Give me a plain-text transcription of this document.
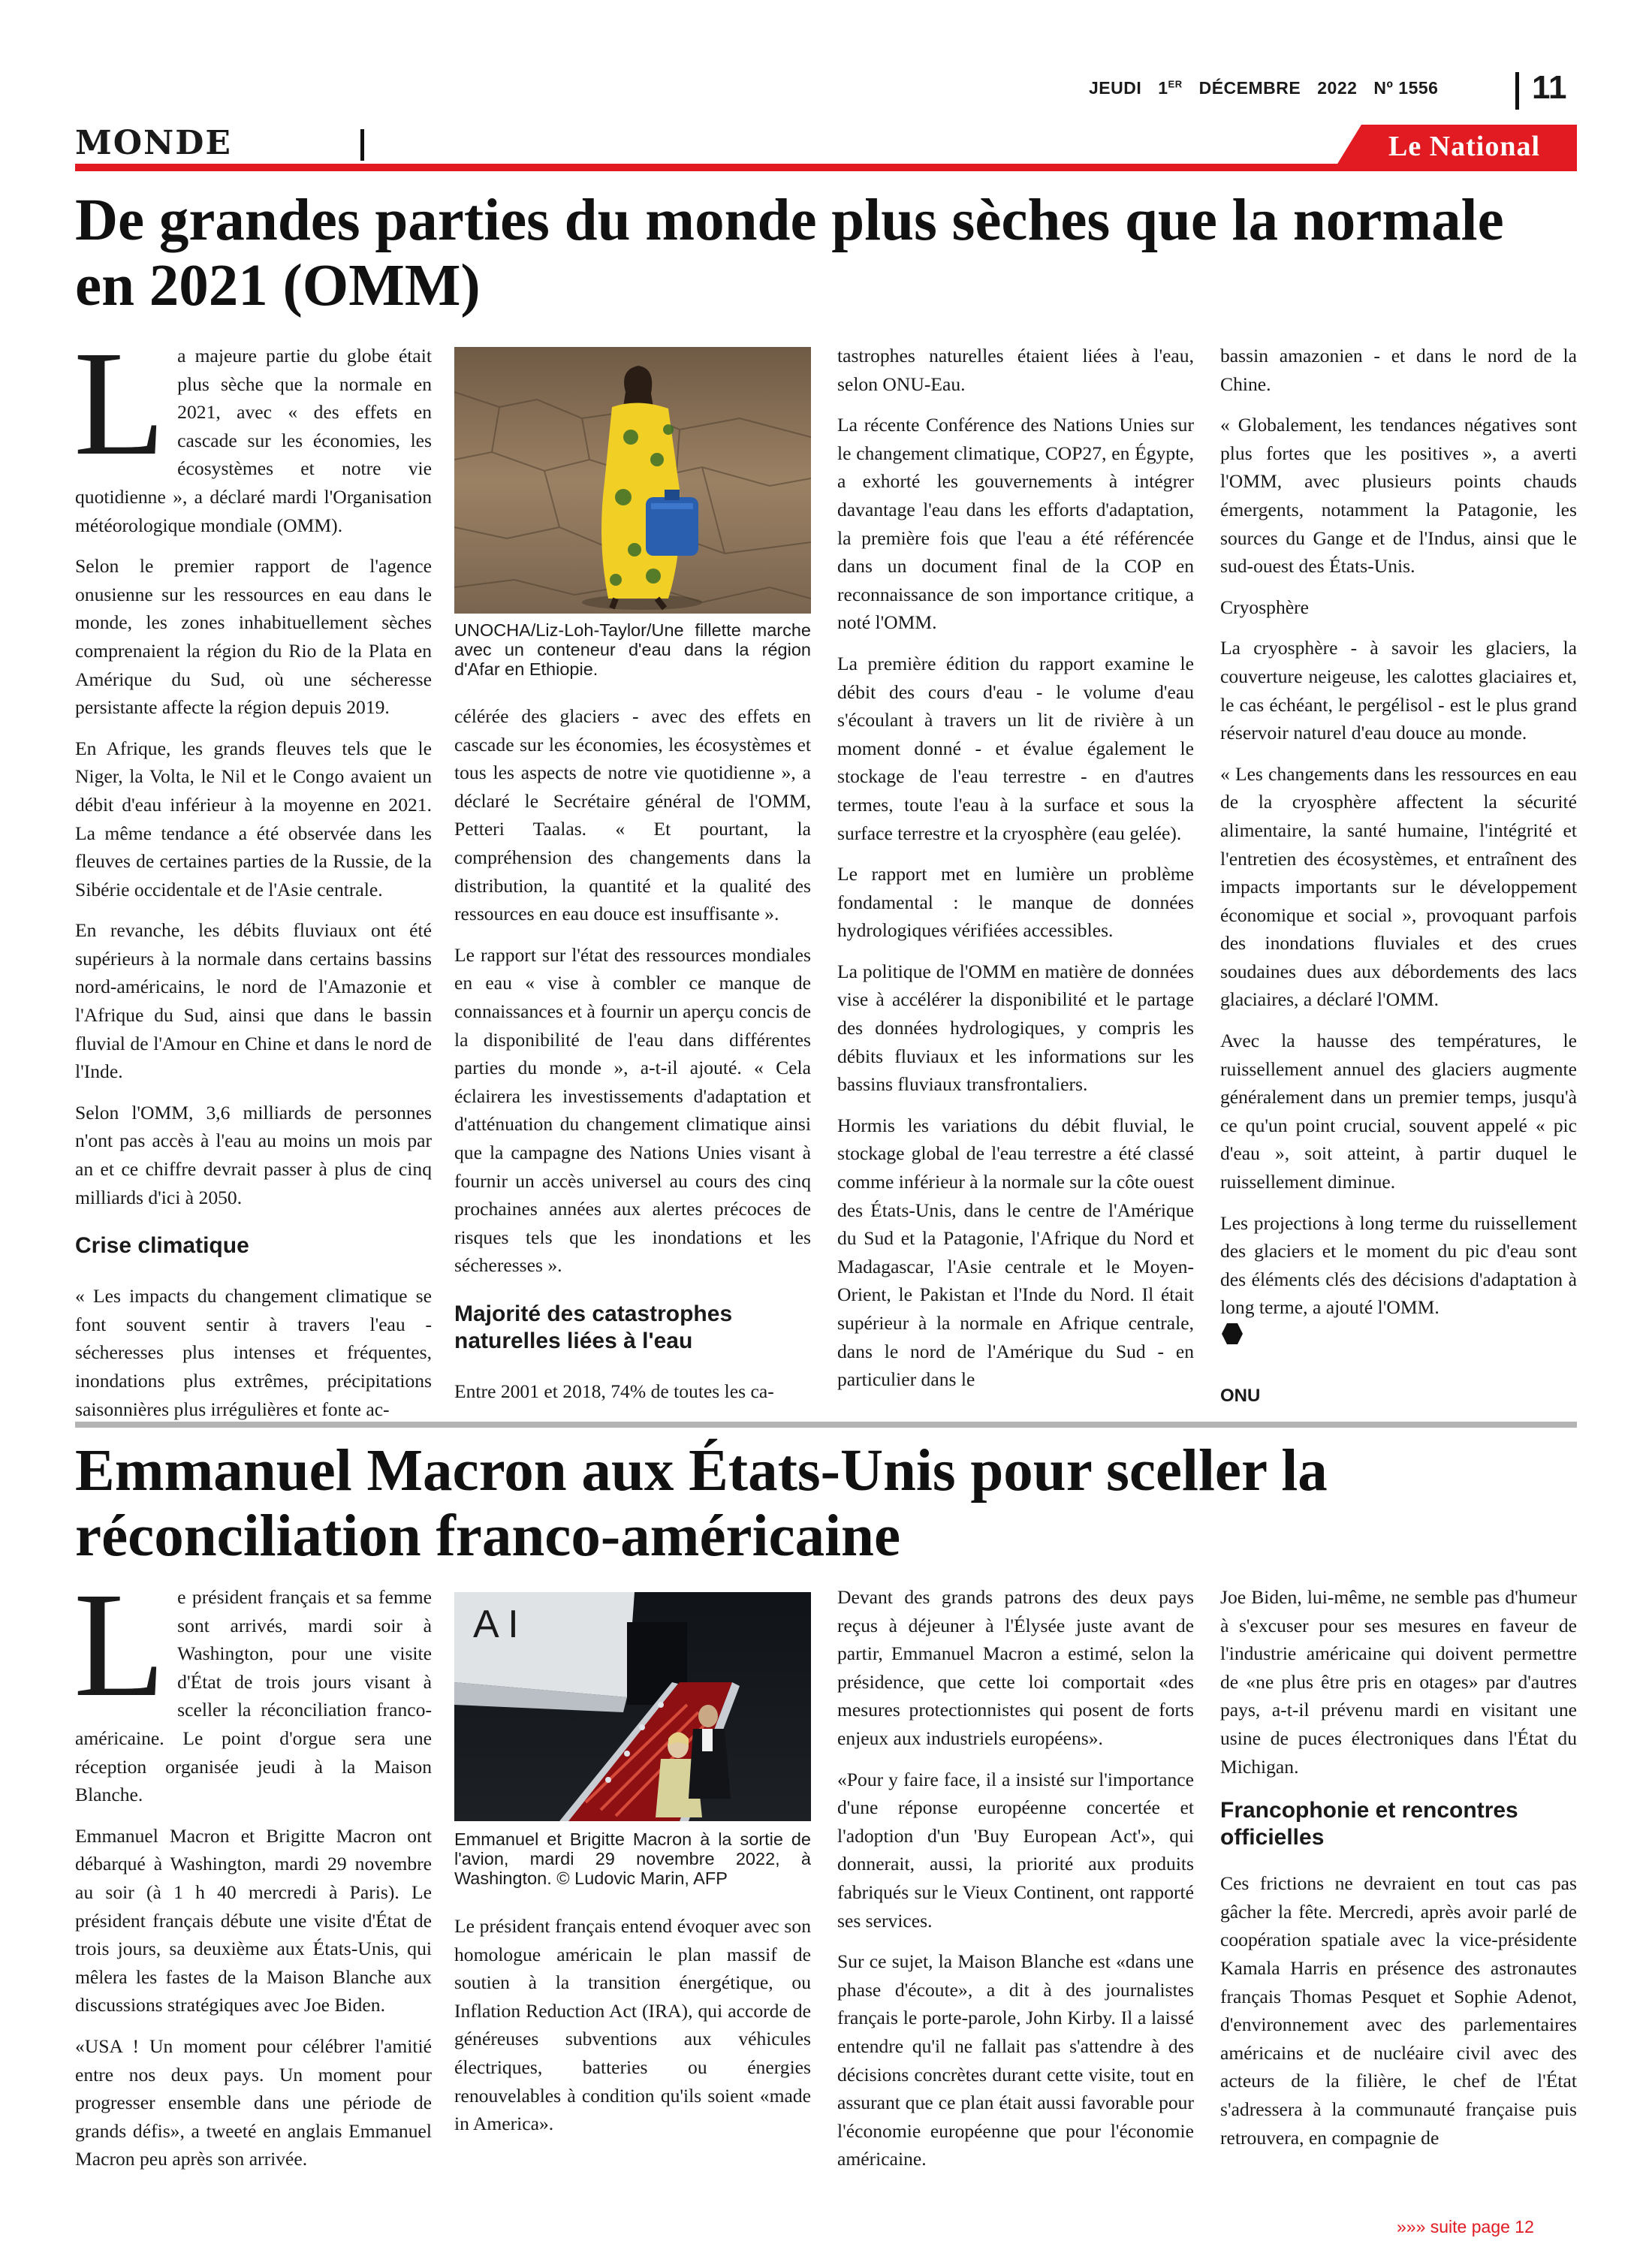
JEUDI 1ER DÉCEMBRE 2022 Nº 1556	11
MONDE	Le National
De grandes parties du monde plus sèches que la normale en 2021 (OMM)

La majeure partie du globe était plus sèche que la normale en 2021, avec « des effets en cascade sur les économies, les écosystèmes et notre vie quotidienne », a déclaré mardi l'Organisation météorologique mondiale (OMM).

Selon le premier rapport de l'agence onusienne sur les ressources en eau dans le monde, les zones inhabituellement sèches comprenaient la région du Rio de la Plata en Amérique du Sud, où une sécheresse persistante affecte la région depuis 2019.

En Afrique, les grands fleuves tels que le Niger, la Volta, le Nil et le Congo avaient un débit d'eau inférieur à la moyenne en 2021. La même tendance a été observée dans les fleuves de certaines parties de la Russie, de la Sibérie occidentale et de l'Asie centrale.

En revanche, les débits fluviaux ont été supérieurs à la normale dans certains bassins nord-américains, le nord de l'Amazonie et l'Afrique du Sud, ainsi que dans le bassin fluvial de l'Amour en Chine et dans le nord de l'Inde.

Selon l'OMM, 3,6 milliards de personnes n'ont pas accès à l'eau au moins un mois par an et ce chiffre devrait passer à plus de cinq milliards d'ici à 2050.

Crise climatique

« Les impacts du changement climatique se font souvent sentir à travers l'eau - sécheresses plus intenses et fréquentes, inondations plus extrêmes, précipitations saisonnières plus irrégulières et fonte ac-

UNOCHA/Liz-Loh-Taylor/Une fillette marche avec un conteneur d'eau dans la région d'Afar en Ethiopie.

célérée des glaciers - avec des effets en cascade sur les économies, les écosystèmes et tous les aspects de notre vie quotidienne », a déclaré le Secrétaire général de l'OMM, Petteri Taalas. « Et pourtant, la compréhension des changements dans la distribution, la quantité et la qualité des ressources en eau douce est insuffisante ».

Le rapport sur l'état des ressources mondiales en eau « vise à combler ce manque de connaissances et à fournir un aperçu concis de la disponibilité de l'eau dans différentes parties du monde », a-t-il ajouté. « Cela éclairera les investissements d'adaptation et d'atténuation du changement climatique ainsi que la campagne des Nations Unies visant à fournir un accès universel au cours des cinq prochaines années aux alertes précoces de risques tels que les inondations et les sécheresses ».

Majorité des catastrophes naturelles liées à l'eau

Entre 2001 et 2018, 74% de toutes les ca-

tastrophes naturelles étaient liées à l'eau, selon ONU-Eau.

La récente Conférence des Nations Unies sur le changement climatique, COP27, en Égypte, a exhorté les gouvernements à intégrer davantage l'eau dans les efforts d'adaptation, la première fois que l'eau a été référencée dans un document final de la COP en reconnaissance de son importance critique, a noté l'OMM.

La première édition du rapport examine le débit des cours d'eau - le volume d'eau s'écoulant à travers un lit de rivière à un moment donné - et évalue également le stockage de l'eau terrestre - en d'autres termes, toute l'eau à la surface et sous la surface terrestre et la cryosphère (eau gelée).

Le rapport met en lumière un problème fondamental : le manque de données hydrologiques vérifiées accessibles.

La politique de l'OMM en matière de données vise à accélérer la disponibilité et le partage des données hydrologiques, y compris les débits fluviaux et les informations sur les bassins fluviaux transfrontaliers.

Hormis les variations du débit fluvial, le stockage global de l'eau terrestre a été classé comme inférieur à la normale sur la côte ouest des États-Unis, dans le centre de l'Amérique du Sud et la Patagonie, l'Afrique du Nord et Madagascar, l'Asie centrale et le Moyen-Orient, le Pakistan et l'Inde du Nord. Il était supérieur à la normale en Afrique centrale, dans le nord de l'Amérique du Sud - en particulier dans le

bassin amazonien - et dans le nord de la Chine.

« Globalement, les tendances négatives sont plus fortes que les positives », a averti l'OMM, avec plusieurs points chauds émergents, notamment la Patagonie, les sources du Gange et de l'Indus, ainsi que le sud-ouest des États-Unis.

Cryosphère

La cryosphère - à savoir les glaciers, la couverture neigeuse, les calottes glaciaires et, le cas échéant, le pergélisol - est le plus grand réservoir naturel d'eau douce au monde.

« Les changements dans les ressources en eau de la cryosphère affectent la sécurité alimentaire, la santé humaine, l'intégrité et l'entretien des écosystèmes, et entraînent des impacts importants sur le développement économique et social », provoquant parfois des inondations fluviales et des crues soudaines dues aux débordements des lacs glaciaires, a déclaré l'OMM.

Avec la hausse des températures, le ruissellement annuel des glaciers augmente généralement dans un premier temps, jusqu'à ce qu'un point crucial, souvent appelé « pic d'eau », soit atteint, à partir duquel le ruissellement diminue.

Les projections à long terme du ruissellement des glaciers et le moment du pic d'eau sont des éléments clés des décisions d'adaptation à long terme, a ajouté l'OMM.

ONU
Emmanuel Macron aux États-Unis pour sceller la réconciliation franco-américaine

Le président français et sa femme sont arrivés, mardi soir à Washington, pour une visite d'État de trois jours visant à sceller la réconciliation franco-américaine. Le point d'orgue sera une réception organisée jeudi à la Maison Blanche.

Emmanuel Macron et Brigitte Macron ont débarqué à Washington, mardi 29 novembre au soir (à 1 h 40 mercredi à Paris). Le président français débute une visite d'État de trois jours, sa deuxième aux États-Unis, qui mêlera les fastes de la Maison Blanche aux discussions stratégiques avec Joe Biden.

«USA ! Un moment pour célébrer l'amitié entre nos deux pays. Un moment pour progresser ensemble dans une période de grands défis», a tweeté en anglais Emmanuel Macron peu après son arrivée.

A I
Emmanuel et Brigitte Macron à la sortie de l'avion, mardi 29 novembre 2022, à Washington. © Ludovic Marin, AFP

Le président français entend évoquer avec son homologue américain le plan massif de soutien à la transition énergétique, ou Inflation Reduction Act (IRA), qui accorde de généreuses subventions aux véhicules électriques, batteries ou énergies renouvelables à condition qu'ils soient «made in America».

Devant des grands patrons des deux pays reçus à déjeuner à l'Élysée juste avant de partir, Emmanuel Macron a estimé, selon la présidence, que cette loi comportait «des mesures protectionnistes qui posent de forts enjeux aux industriels européens».

«Pour y faire face, il a insisté sur l'importance d'une réponse européenne concertée et l'adoption d'un 'Buy European Act'», qui donnerait, aussi, la priorité aux produits fabriqués sur le Vieux Continent, ont rapporté ses services.

Sur ce sujet, la Maison Blanche est «dans une phase d'écoute», a dit à des journalistes français le porte-parole, John Kirby. Il a laissé entendre qu'il ne fallait pas s'attendre à des décisions concrètes durant cette visite, tout en assurant que ce plan était aussi favorable pour l'économie européenne que pour l'économie américaine.

Joe Biden, lui-même, ne semble pas d'humeur à s'excuser pour ses mesures en faveur de l'industrie américaine qui doivent permettre de «ne plus être pris en otages» par d'autres pays, a-t-il prévenu mardi en visitant une usine de puces électroniques dans l'État du Michigan.

Francophonie et rencontres officielles

Ces frictions ne devraient en tout cas pas gâcher la fête. Mercredi, après avoir parlé de coopération spatiale avec la vice-présidente Kamala Harris en présence des astronautes français Thomas Pesquet et Sophie Adenot, d'environnement avec des parlementaires américains et de nucléaire civil avec des acteurs de la filière, le chef de l'État s'adressera à la communauté française puis retrouvera, en compagnie de

»»» suite page 12
